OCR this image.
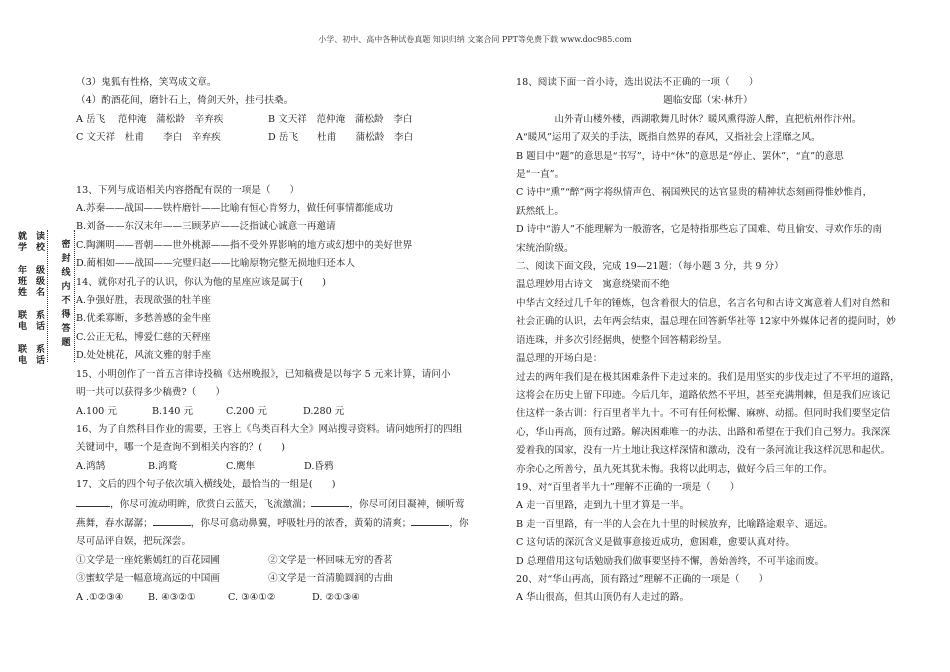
小学、初中、高中各种试卷真题 知识归纳 文案合同 PPT等免费下载 www.doc985.com
就　读
学　校
年　级
班　级
姓　名
联　系
电　话
联　系
电　话
密
封
线
内
不
得
答
题
（3）鬼狐有性格，笑骂成文章。
（4）酌酒花间，磨针石上，倚剑天外，挂弓扶桑。
A 岳飞　 范仲淹　蒲松龄　辛弃疾	B 文天祥　范仲淹　蒲松龄　李白
C 文天祥　杜甫　　李白　辛弃疾	D 岳飞　　杜甫　　蒲松龄　李白
13、下列与成语相关内容搭配有误的一项是（　　）
A.苏秦——战国——铁杵磨针——比喻有恒心肯努力，做任何事情都能成功
B.刘备——东汉末年——三顾茅庐——泛指诚心诚意一再邀请
C.陶渊明——晋朝——世外桃源——指不受外界影响的地方或幻想中的美好世界
D.蔺相如——战国——完璧归赵——比喻原物完整无损地归还本人
14、就你对孔子的认识，你认为他的星座应该是属于(　　)
A.争强好胜，表现欲强的牡羊座
B.优柔寡断，多愁善感的金牛座
C.公正无私，博爱仁慈的天秤座
D.处处桃花，风流文雅的射手座
15、小明创作了一首五言律诗投稿《达州晚报》，已知稿费是以每字 5 元来计算，请问小
明一共可以获得多少稿费?（　　）
A.100 元	B.140 元	C.200 元	D.280 元
16、为了自然科目作业的需要，王容上《鸟类百科大全》网站搜寻资料。请问她所打的四组
关键词中，哪一个是查询不到相关内容的？(　　)
A.鸿鹄	B.鸿鹜	C.鹰隼	D.昏鸦
17、文后的四个句子依次填入横线处，最恰当的一组是(　　)
，你尽可流动明眸，欣赏白云蓝天，飞流激湍；	，你尽可闭目凝神，倾听莺
燕舞，春水潺潺；	，你尽可翕动鼻翼，呼吸牡丹的浓香，黄菊的清爽；	，你
尽可品评自娱，把玩深尝。
①文学是一座姹紫嫣红的百花园圃	②文学是一杯回味无穷的香茗
③蜜蚊学是一幅意境高远的中国画	④文学是一首清脆圆润的古曲
A .①②③④	B. ④③②①	C. ③④①②	D. ②①③④
18、阅读下面一首小诗，选出说法不正确的一项（　　）
题临安邸（宋·林升）
山外青山楼外楼，西湖歌舞几时休？暖风熏得游人醉，直把杭州作汴州。
A“暖风”运用了双关的手法，既指自然界的春风，又指社会上淫靡之风。
B 题目中“题”的意思是“书写”，诗中“休”的意思是“停止、罢休”，“直”的意思
是“一直”。
C 诗中“熏”“醉”两字将纵情声色、祸国殃民的达官显贵的精神状态刻画得惟妙惟肖，
跃然纸上。
D 诗中“游人”不能理解为一般游客，它是特指那些忘了国难、苟且偷安、寻欢作乐的南
宋统治阶级。
二、阅读下面文段，完成 19—21题：（每小题 3 分，共 9 分）
温总理妙用古诗文　寓意绕梁而不绝
中华古文经过几千年的锤炼，包含着很大的信息，名言名句和古诗文寓意着人们对自然和
社会正确的认识，去年两会结束，温总理在回答新华社等 12家中外媒体记者的提问时，妙
语连珠，并多次引经据典，使整个回答精彩纷呈。
温总理的开场白是：
过去的两年我们是在极其困难条件下走过来的。我们是用坚实的步伐走过了不平坦的道路，
这将会在历史上留下印迹。今后几年，道路依然不平坦，甚至充满荆棘，但是我们应该记
住这样一条古训：行百里者半九十。不可有任何松懈、麻痹、动摇。但同时我们要坚定信
心，华山再高，顶有过路。解决困难唯一的办法、出路和希望在于我们自己努力。我深深
爱着我的国家，没有一片土地让我这样深情和激动，没有一条河流让我这样沉思和起伏。
亦余心之所善兮，虽九死其犹未悔。我将以此明志，做好今后三年的工作。
19、对“百里者半九十”理解不正确的一项是（　　）
A 走一百里路，走到九十里才算是一半。
B 走一百里路，有一半的人会在九十里的时候放弃，比喻路途艰辛、遥远。
C 这句话的深沉含义是做事意接近成功，愈困难，愈要认真对待。
D 总理借用这句话勉励我们做事要坚持不懈，善始善终，不可半途而废。
20、对“华山再高，顶有路过”理解不正确的一项是（　　）
A 华山很高，但其山顶仍有人走过的路。
